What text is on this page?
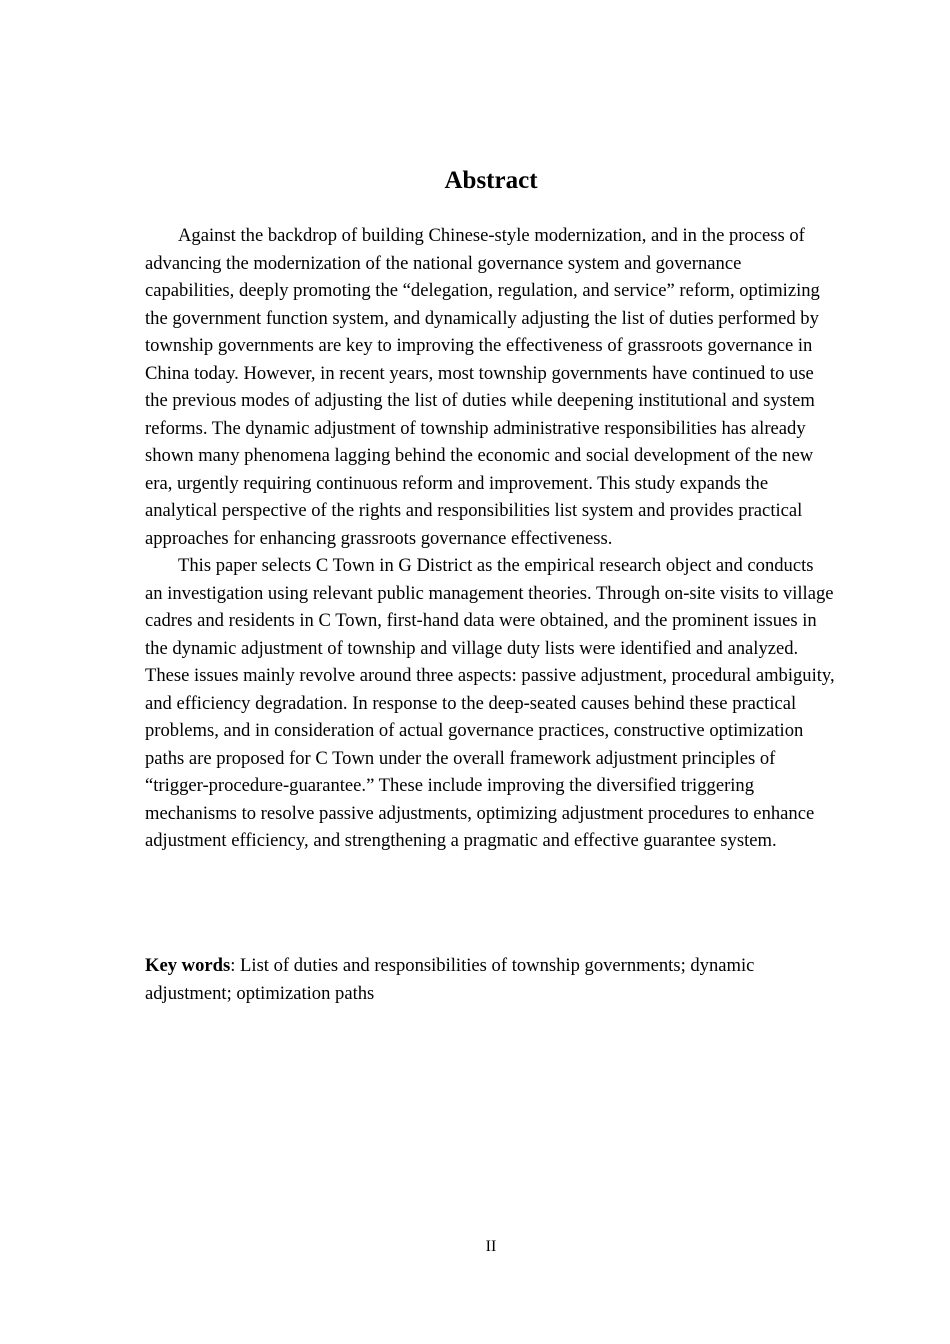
Abstract

Against the backdrop of building Chinese-style modernization, and in the process of advancing the modernization of the national governance system and governance capabilities, deeply promoting the “delegation, regulation, and service” reform, optimizing the government function system, and dynamically adjusting the list of duties performed by township governments are key to improving the effectiveness of grassroots governance in China today. However, in recent years, most township governments have continued to use the previous modes of adjusting the list of duties while deepening institutional and system reforms. The dynamic adjustment of township administrative responsibilities has already shown many phenomena lagging behind the economic and social development of the new era, urgently requiring continuous reform and improvement. This study expands the analytical perspective of the rights and responsibilities list system and provides practical approaches for enhancing grassroots governance effectiveness.

This paper selects C Town in G District as the empirical research object and conducts an investigation using relevant public management theories. Through on-site visits to village cadres and residents in C Town, first-hand data were obtained, and the prominent issues in the dynamic adjustment of township and village duty lists were identified and analyzed. These issues mainly revolve around three aspects: passive adjustment, procedural ambiguity, and efficiency degradation. In response to the deep-seated causes behind these practical problems, and in consideration of actual governance practices, constructive optimization paths are proposed for C Town under the overall framework adjustment principles of “trigger-procedure-guarantee.” These include improving the diversified triggering mechanisms to resolve passive adjustments, optimizing adjustment procedures to enhance adjustment efficiency, and strengthening a pragmatic and effective guarantee system.

Key words: List of duties and responsibilities of township governments; dynamic adjustment; optimization paths

II
